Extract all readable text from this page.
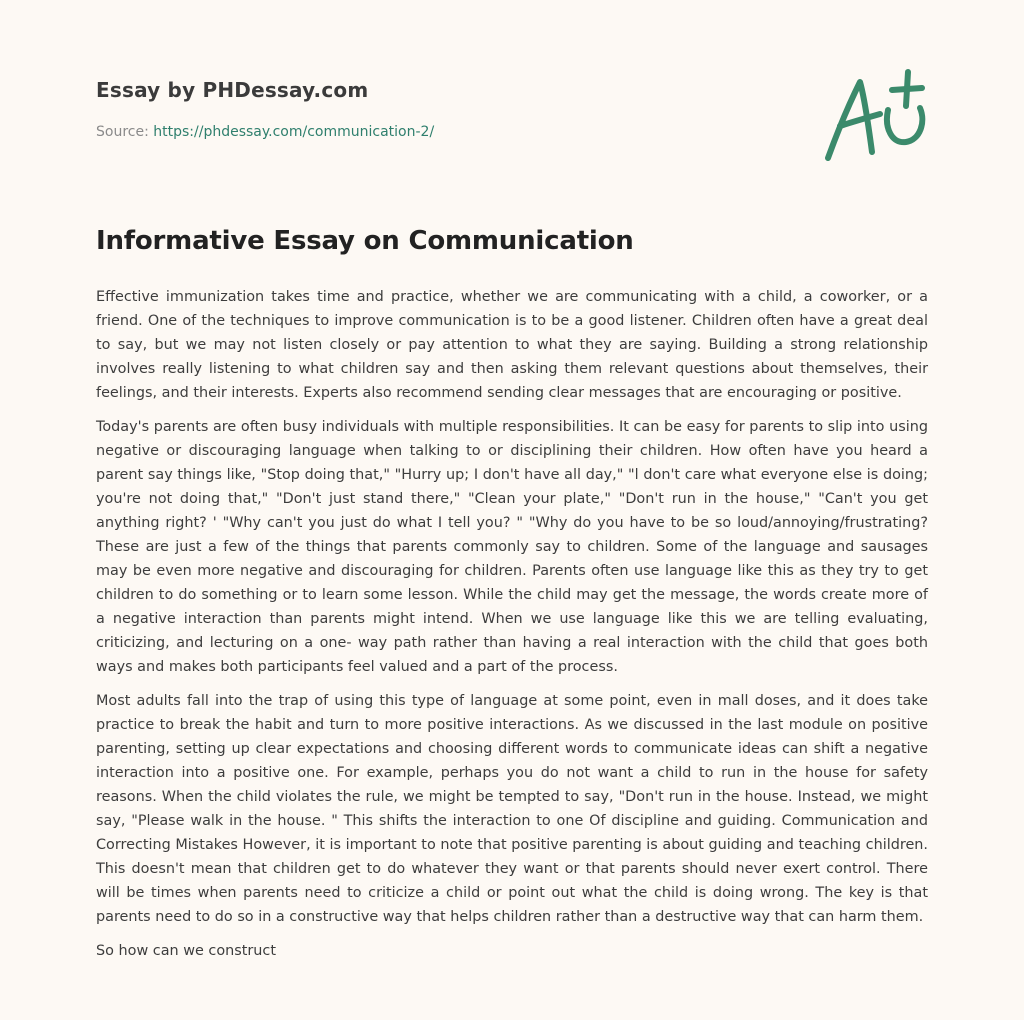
Essay by PHDessay.com
Source: https://phdessay.com/communication-2/
Informative Essay on Communication

Effective immunization takes time and practice, whether we are communicating with a child, a coworker, or a friend. One of the techniques to improve communication is to be a good listener. Children often have a great deal to say, but we may not listen closely or pay attention to what they are saying. Building a strong relationship involves really listening to what children say and then asking them relevant questions about themselves, their feelings, and their interests. Experts also recommend sending clear messages that are encouraging or positive.

Today's parents are often busy individuals with multiple responsibilities. It can be easy for parents to slip into using negative or discouraging language when talking to or disciplining their children. How often have you heard a parent say things like, "Stop doing that," "Hurry up; I don't have all day," "l don't care what everyone else is doing; you're not doing that," "Don't just stand there," "Clean your plate," "Don't run in the house," "Can't you get anything right? ' "Why can't you just do what I tell you? " "Why do you have to be so loud/annoying/frustrating? These are just a few of the things that parents commonly say to children. Some of the language and sausages may be even more negative and discouraging for children. Parents often use language like this as they try to get children to do something or to learn some lesson. While the child may get the message, the words create more of a negative interaction than parents might intend. When we use language like this we are telling evaluating, criticizing, and lecturing on a one- way path rather than having a real interaction with the child that goes both ways and makes both participants feel valued and a part of the process.

Most adults fall into the trap of using this type of language at some point, even in mall doses, and it does take practice to break the habit and turn to more positive interactions. As we discussed in the last module on positive parenting, setting up clear expectations and choosing different words to communicate ideas can shift a negative interaction into a positive one. For example, perhaps you do not want a child to run in the house for safety reasons. When the child violates the rule, we might be tempted to say, "Don't run in the house. Instead, we might say, "Please walk in the house. " This shifts the interaction to one Of discipline and guiding. Communication and Correcting Mistakes However, it is important to note that positive parenting is about guiding and teaching children. This doesn't mean that children get to do whatever they want or that parents should never exert control. There will be times when parents need to criticize a child or point out what the child is doing wrong. The key is that parents need to do so in a constructive way that helps children rather than a destructive way that can harm them.

So how can we construct
